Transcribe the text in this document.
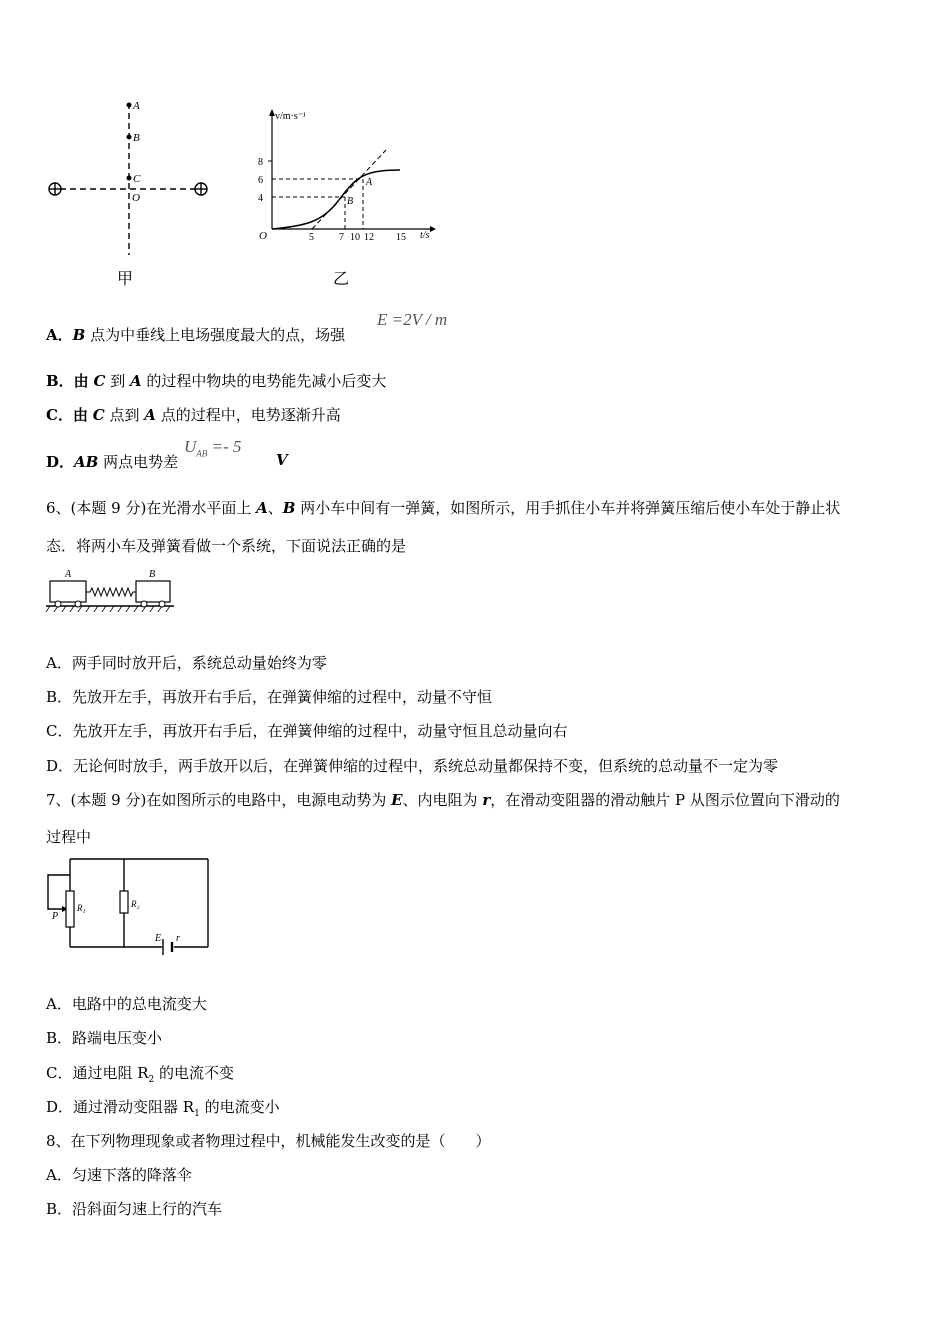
A
B
C
O
甲
v/m·s⁻¹
t/s
O
8
6
4
5	7 10 12 15
A
B
乙
A．B 点为中垂线上电场强度最大的点，场强
E =2V / m
B．由 C 到 A 的过程中物块的电势能先减小后变大
C．由 C 点到 A 点的过程中，电势逐渐升高
D．AB 两点电势差
$U_{AB} =- 5$
V
6、(本题 9 分)在光滑水平面上 A、B 两小车中间有一弹簧，如图所示，用手抓住小车并将弹簧压缩后使小车处于静止状
态．将两小车及弹簧看做一个系统，下面说法正确的是
A	B
A．两手同时放开后，系统总动量始终为零
B．先放开左手，再放开右手后，在弹簧伸缩的过程中，动量不守恒
C．先放开左手，再放开右手后，在弹簧伸缩的过程中，动量守恒且总动量向右
D．无论何时放手，两手放开以后，在弹簧伸缩的过程中，系统总动量都保持不变，但系统的总动量不一定为零
7、(本题 9 分)在如图所示的电路中，电源电动势为 E、内电阻为 r，在滑动变阻器的滑动触片 P 从图示位置向下滑动的
过程中
R₁	R₂
P
E r
A．电路中的总电流变大
B．路端电压变小
C．通过电阻 $R_2$ 的电流不变
D．通过滑动变阻器 $R_1$ 的电流变小
8、在下列物理现象或者物理过程中，机械能发生改变的是（　　）
A．匀速下落的降落伞
B．沿斜面匀速上行的汽车
